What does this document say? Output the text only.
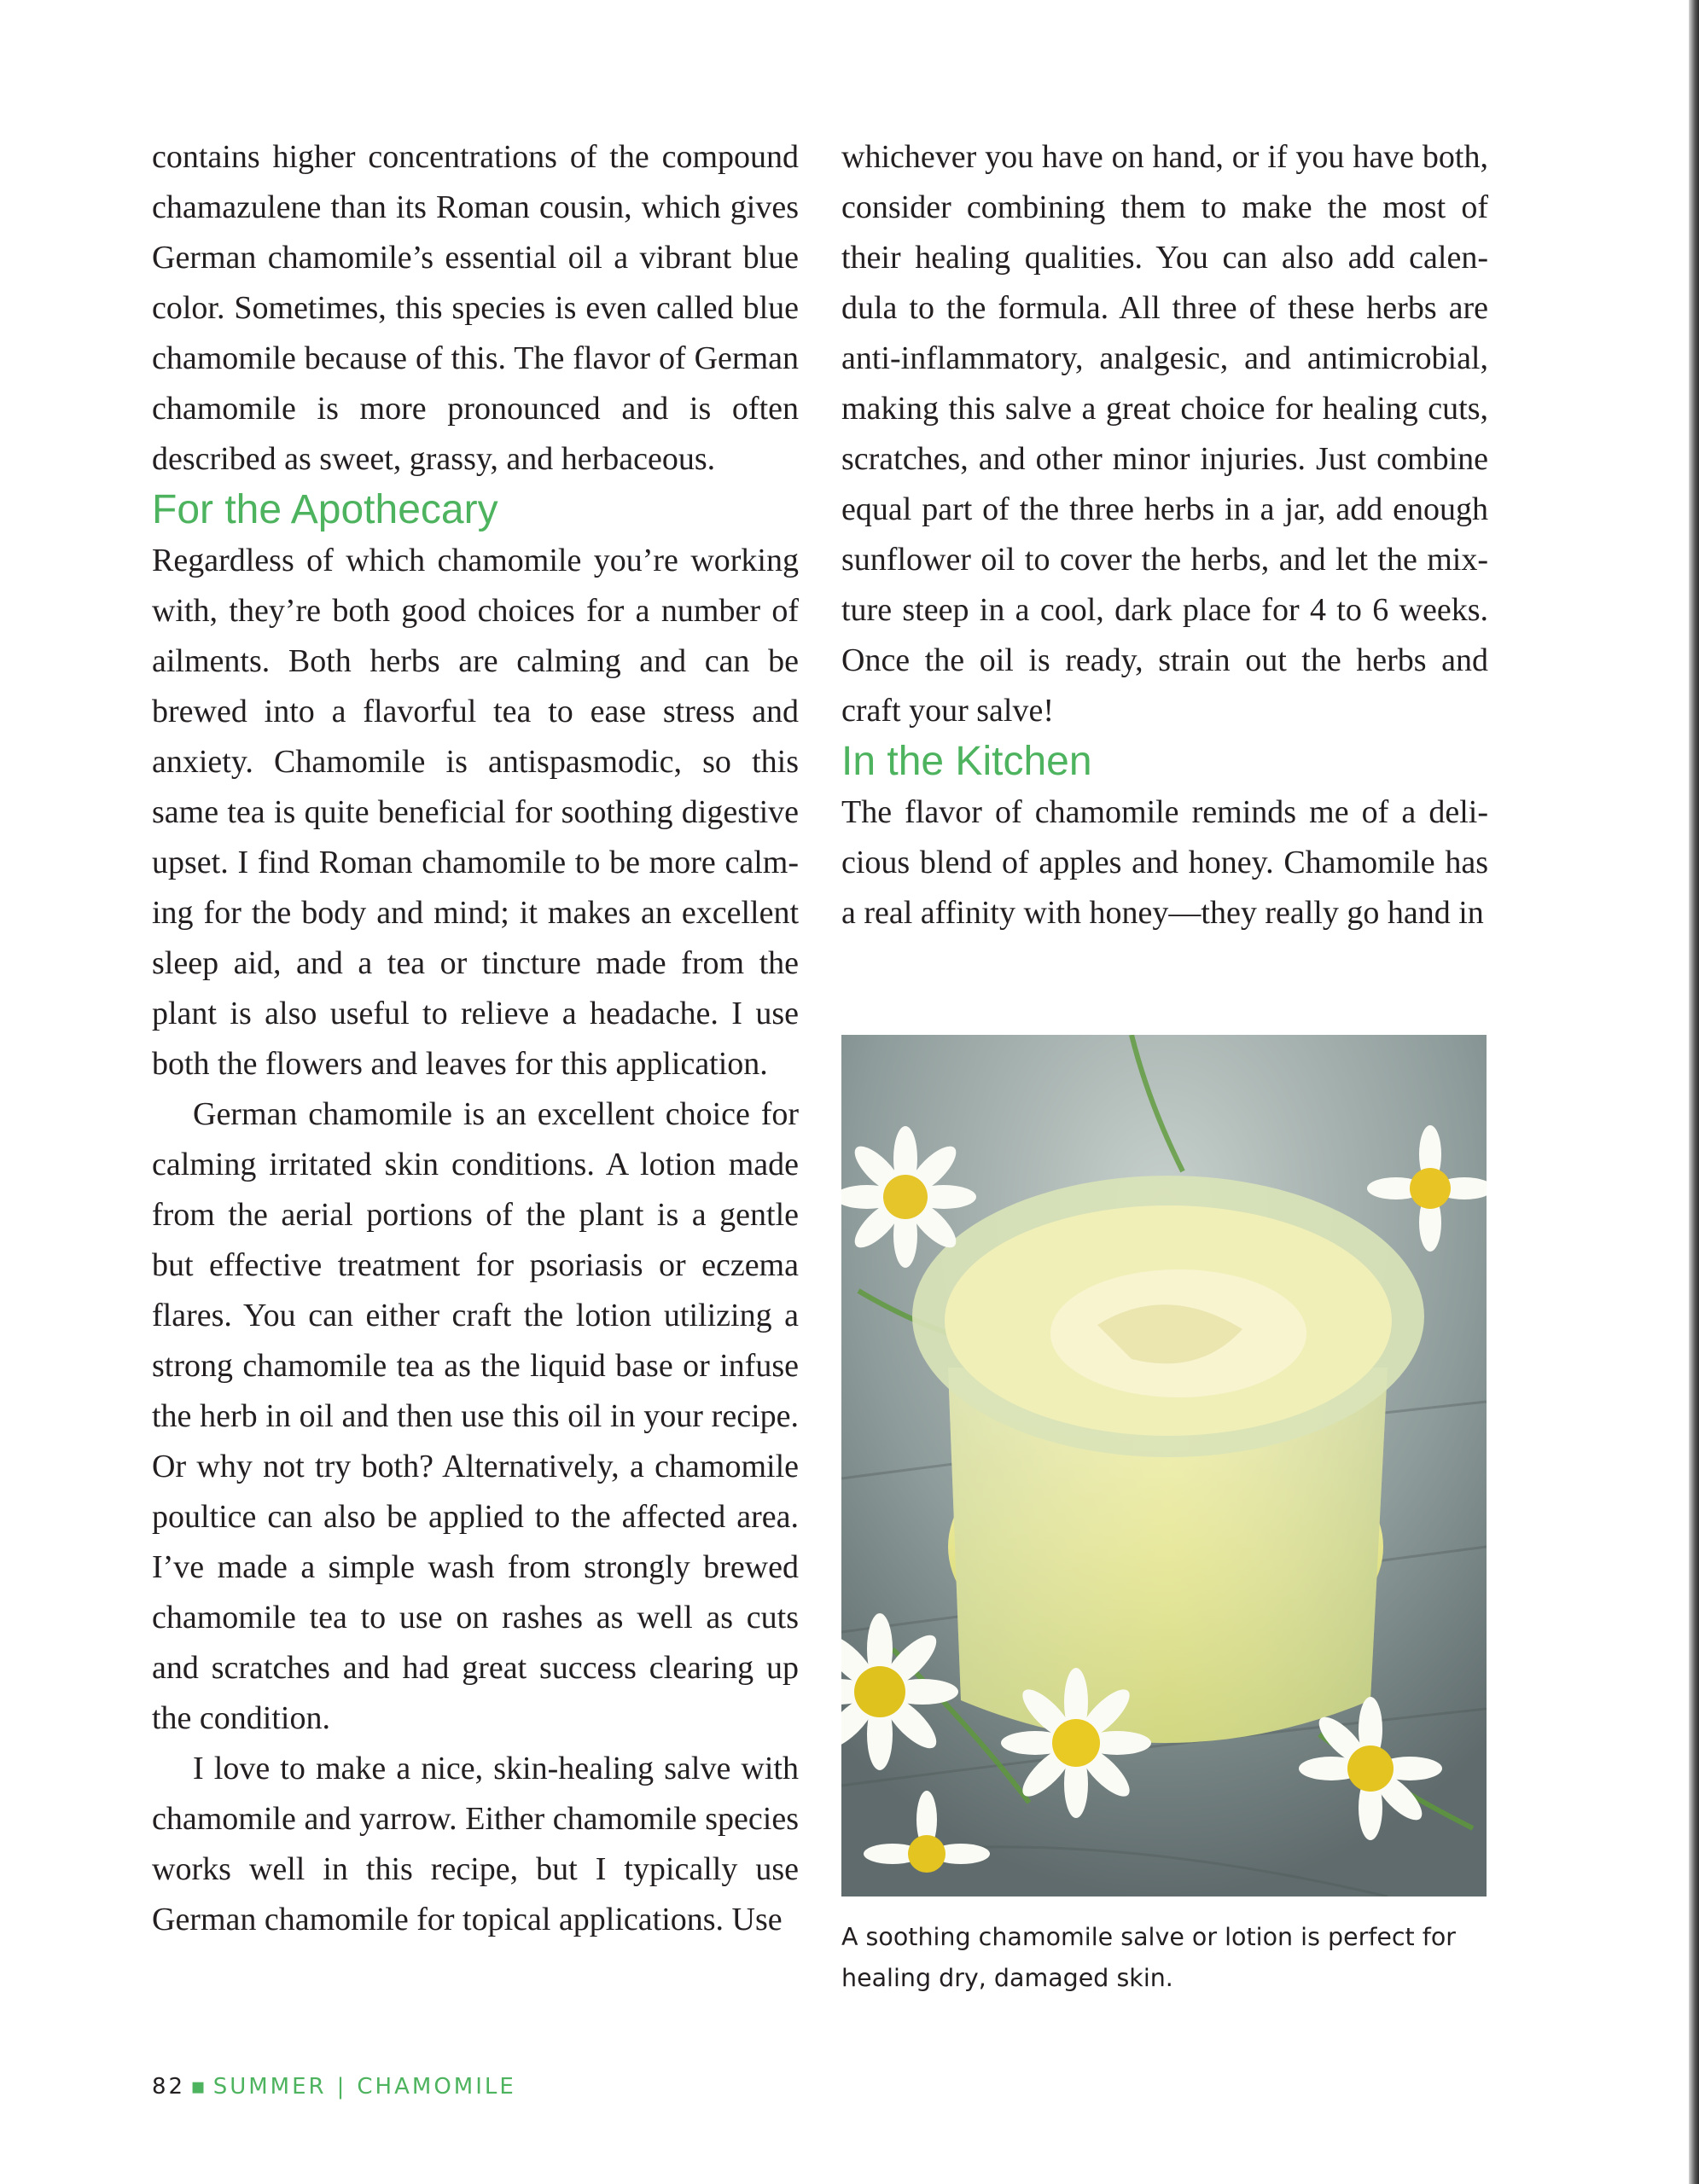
contains higher concentrations of the compound chamazulene than its Roman cousin, which gives German chamomile’s essential oil a vibrant blue color. Sometimes, this species is even called blue chamomile because of this. The flavor of German chamomile is more pronounced and is often described as sweet, grassy, and herbaceous.

For the Apothecary

Regardless of which chamomile you’re working with, they’re both good choices for a number of ailments. Both herbs are calming and can be brewed into a flavorful tea to ease stress and anxiety. Chamomile is antispasmodic, so this same tea is quite beneficial for soothing digestive upset. I find Roman chamomile to be more calming for the body and mind; it makes an excellent sleep aid, and a tea or tincture made from the plant is also useful to relieve a headache. I use both the flowers and leaves for this application.

German chamomile is an excellent choice for calming irritated skin conditions. A lotion made from the aerial portions of the plant is a gentle but effective treatment for psoriasis or eczema flares. You can either craft the lotion utilizing a strong chamomile tea as the liquid base or infuse the herb in oil and then use this oil in your recipe. Or why not try both? Alternatively, a chamomile poultice can also be applied to the affected area. I’ve made a simple wash from strongly brewed chamomile tea to use on rashes as well as cuts and scratches and had great success clearing up the condition.

I love to make a nice, skin-healing salve with chamomile and yarrow. Either chamomile species works well in this recipe, but I typically use German chamomile for topical applications. Use

whichever you have on hand, or if you have both, consider combining them to make the most of their healing qualities. You can also add calendula to the formula. All three of these herbs are anti-inflammatory, analgesic, and antimicrobial, making this salve a great choice for healing cuts, scratches, and other minor injuries. Just combine equal part of the three herbs in a jar, add enough sunflower oil to cover the herbs, and let the mixture steep in a cool, dark place for 4 to 6 weeks. Once the oil is ready, strain out the herbs and craft your salve!

In the Kitchen

The flavor of chamomile reminds me of a delicious blend of apples and honey. Chamomile has a real affinity with honey—they really go hand in

A soothing chamomile salve or lotion is perfect for healing dry, damaged skin.

82 ▪ SUMMER | CHAMOMILE
